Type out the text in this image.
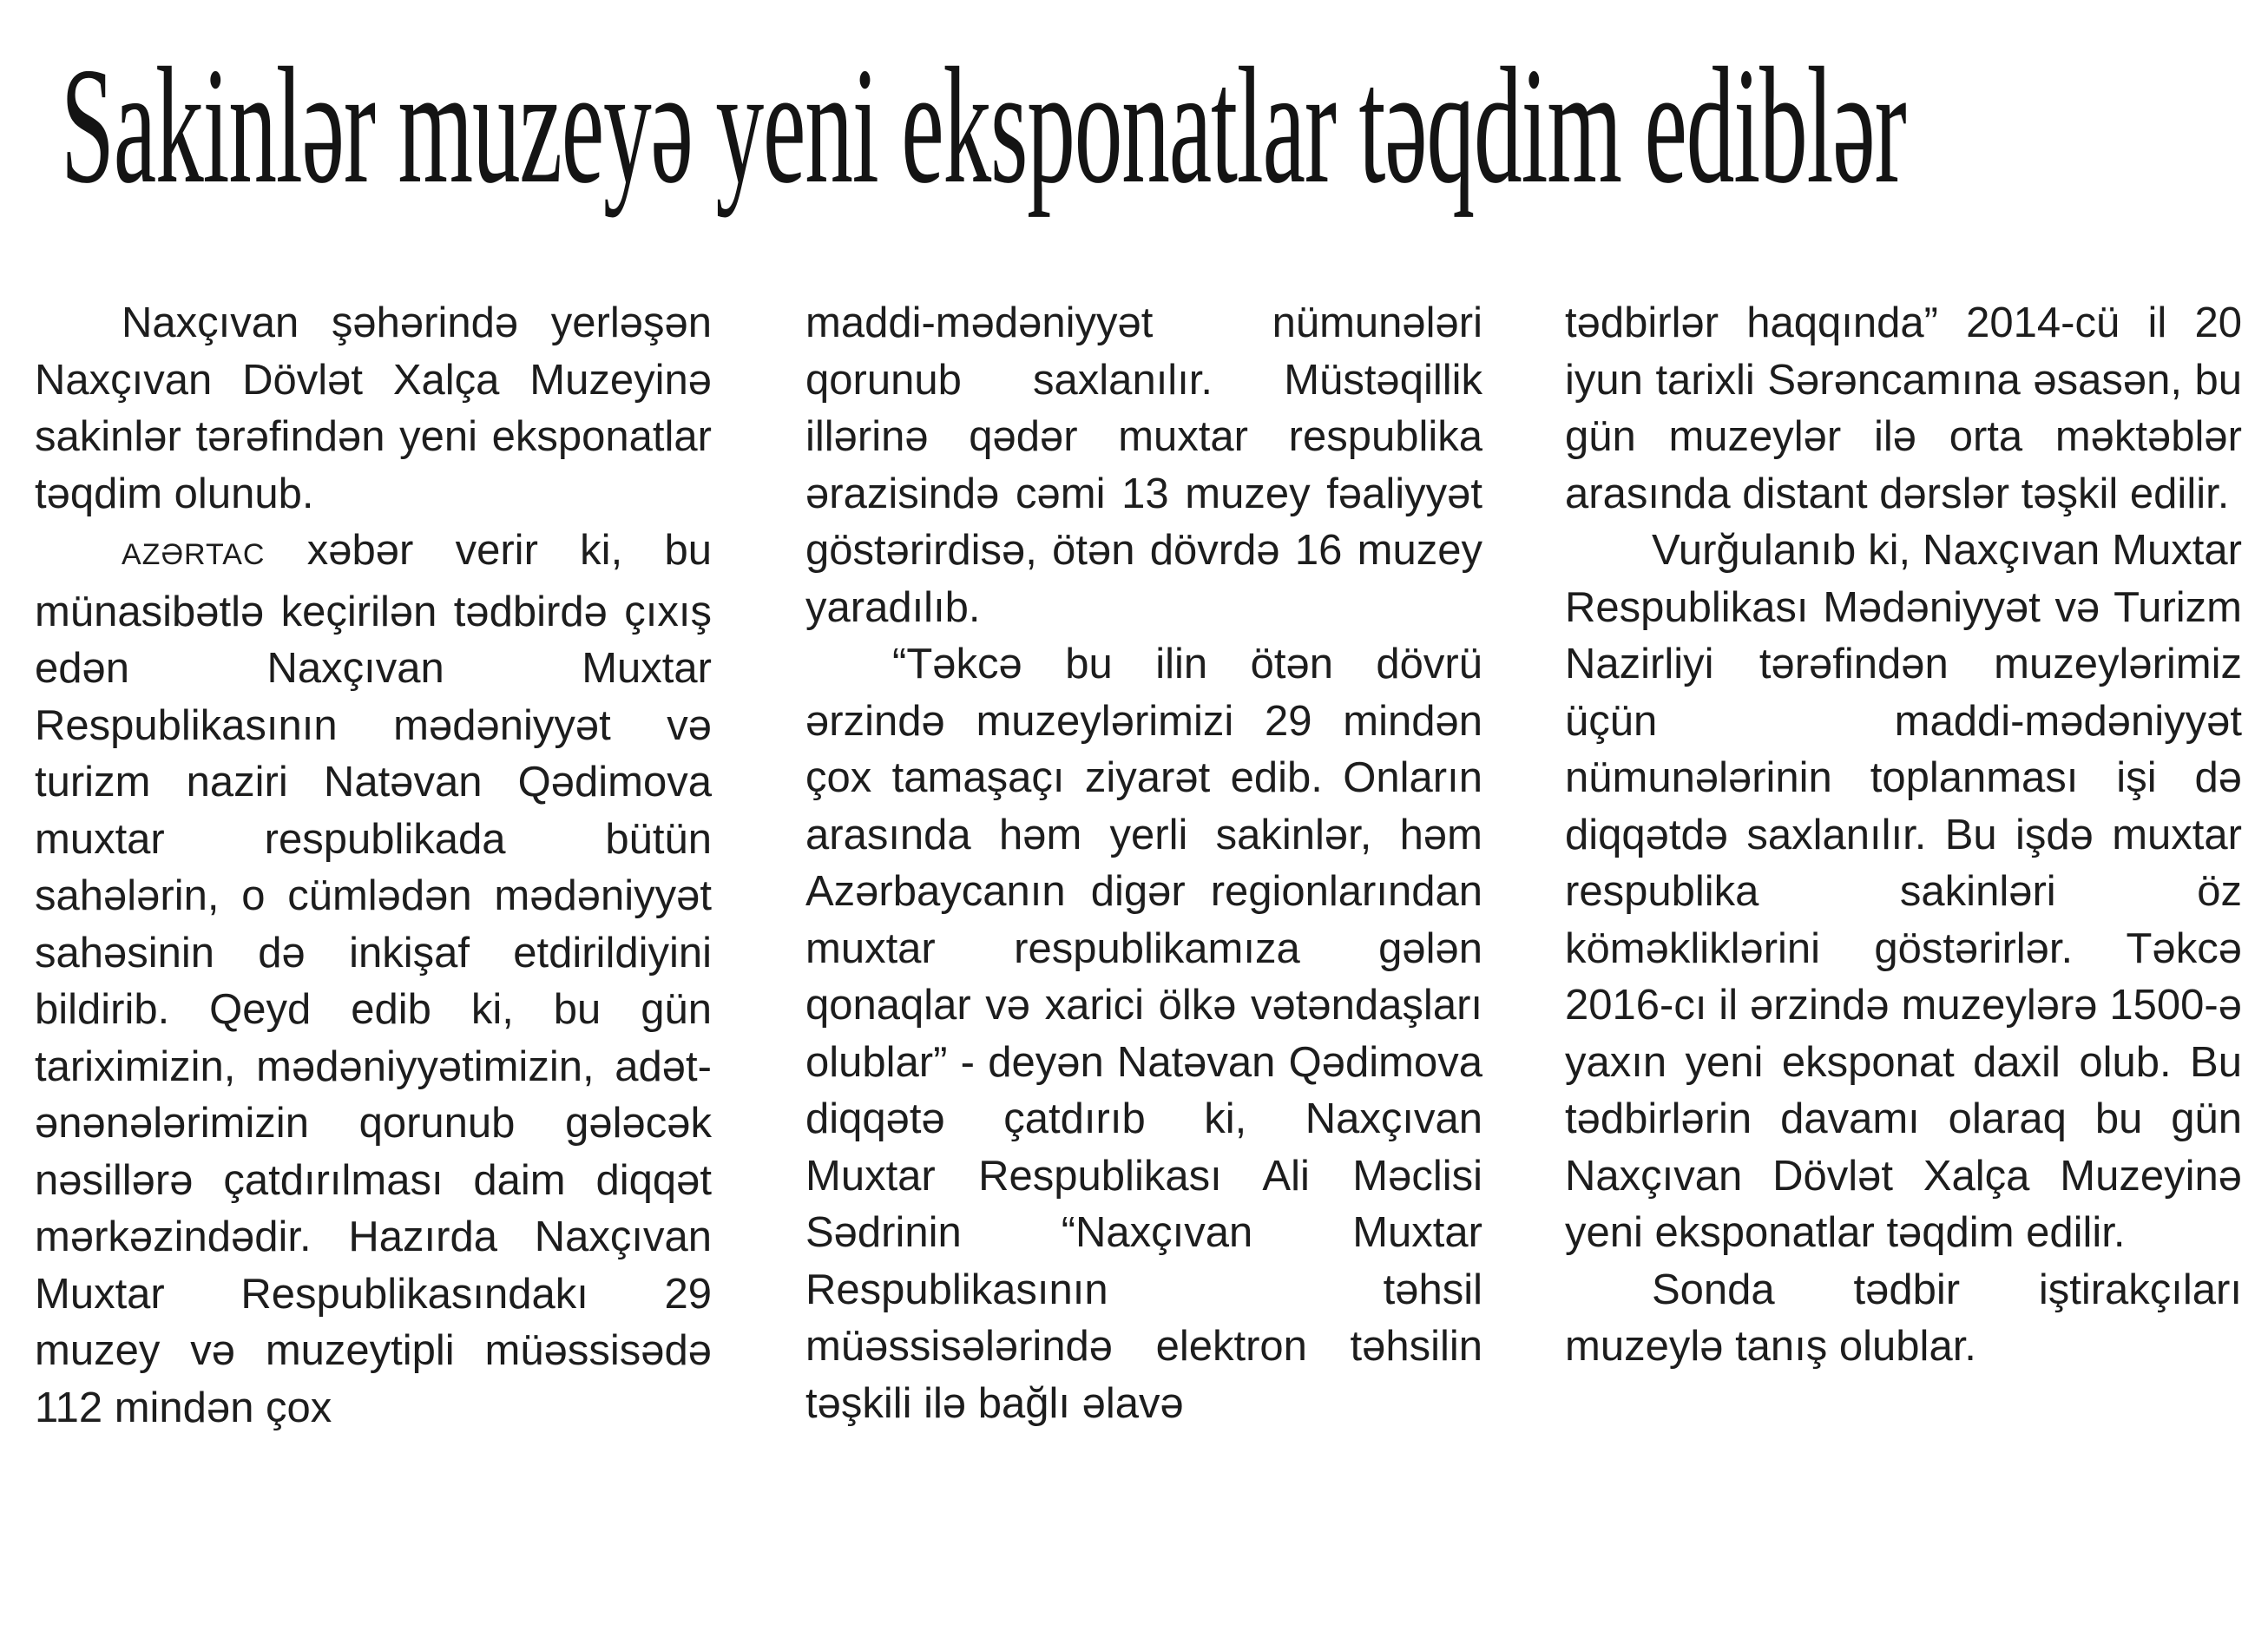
Sakinlər muzeyə yeni eksponatlar təqdim ediblər

Naxçıvan şəhərində yerləşən Naxçıvan Dövlət Xalça Muzeyinə sakinlər tərəfindən yeni eksponatlar təqdim olunub.

AZƏRTAC xəbər verir ki, bu münasibətlə keçirilən tədbirdə çıxış edən Naxçıvan Muxtar Respublikasının mədəniyyət və turizm naziri Natəvan Qədimova muxtar respublikada bütün sahələrin, o cümlədən mədəniyyət sahəsinin də inkişaf etdirildiyini bildirib. Qeyd edib ki, bu gün tariximizin, mədəniyyətimizin, adət-ənənələrimizin qorunub gələcək nəsillərə çatdırılması daim diqqət mərkəzindədir. Hazırda Naxçıvan Muxtar Respublikasındakı 29 muzey və muzeytipli müəssisədə 112 mindən çox

maddi-mədəniyyət nümunələri qorunub saxlanılır. Müstəqillik illərinə qədər muxtar respublika ərazisində cəmi 13 muzey fəaliyyət göstərirdisə, ötən dövrdə 16 muzey yaradılıb.

“Təkcə bu ilin ötən dövrü ərzində muzeylərimizi 29 mindən çox tamaşaçı ziyarət edib. Onların arasında həm yerli sakinlər, həm Azərbaycanın digər regionlarından muxtar respublikamıza gələn qonaqlar və xarici ölkə vətəndaşları olublar” - deyən Natəvan Qədimova diqqətə çatdırıb ki, Naxçıvan Muxtar Respublikası Ali Məclisi Sədrinin “Naxçıvan Muxtar Respublikasının təhsil müəssisələrində elektron təhsilin təşkili ilə bağlı əlavə

tədbirlər haqqında” 2014-cü il 20 iyun tarixli Sərəncamına əsasən, bu gün muzeylər ilə orta məktəblər arasında distant dərslər təşkil edilir.

Vurğulanıb ki, Naxçıvan Muxtar Respublikası Mədəniyyət və Turizm Nazirliyi tərəfindən muzeylərimiz üçün maddi-mədəniyyət nümunələrinin toplanması işi də diqqətdə saxlanılır. Bu işdə muxtar respublika sakinləri öz köməkliklərini göstərirlər. Təkcə 2016-cı il ərzində muzeylərə 1500-ə yaxın yeni eksponat daxil olub. Bu tədbirlərin davamı olaraq bu gün Naxçıvan Dövlət Xalça Muzeyinə yeni eksponatlar təqdim edilir.

Sonda tədbir iştirakçıları muzeylə tanış olublar.
